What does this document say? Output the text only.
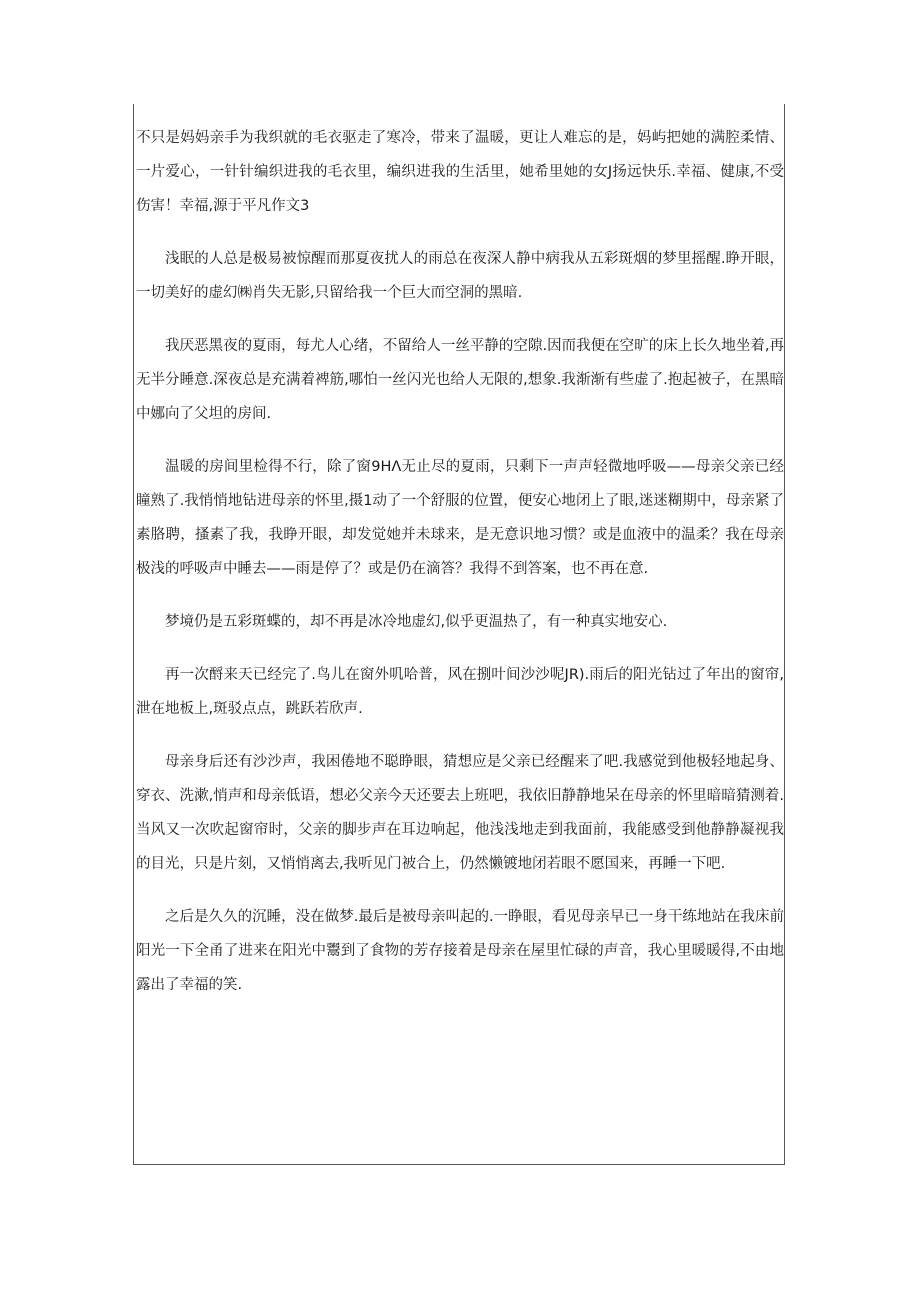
不只是妈妈亲手为我织就的毛衣驱走了寒冷，带来了温暖，更让人难忘的是，妈屿把她的满腔柔情、一片爱心，一针针编织进我的毛衣里，编织进我的生活里，她希里她的女J扬远快乐.幸福、健康,不受伤害！幸福,源于平凡作文3

浅眠的人总是极易被惊醒而那夏夜扰人的雨总在夜深人静中病我从五彩斑烟的梦里摇醒.睁开眼，一切美好的虚幻㈱肖失无影,只留给我一个巨大而空洞的黑暗.

我厌恶黑夜的夏雨，每尤人心绪，不留给人一丝平静的空隙.因而我便在空旷的床上长久地坐着,再无半分睡意.深夜总是充满着裨筋,哪怕一丝闪光也给人无限的,想象.我渐渐有些虚了.抱起被子，在黑暗中娜向了父坦的房间.

温暖的房间里检得不行，除了窗9HΛ无止尽的夏雨，只剩下一声声轻微地呼吸——母亲父亲已经瞳熟了.我悄悄地钻进母亲的怀里,摄1动了一个舒服的位置，便安心地闭上了眼,迷迷糊期中，母亲紧了素胳聘，搔素了我，我睁开眼，却发觉她并未球来，是无意识地习惯？或是血液中的温柔？我在母亲极浅的呼吸声中睡去——雨是停了？或是仍在滴答？我得不到答案，也不再在意.

梦境仍是五彩斑蝶的，却不再是冰冷地虚幻,似乎更温热了，有一种真实地安心.

再一次酹来天已经完了.鸟儿在窗外叽哈普，风在捌叶间沙沙呢JR).雨后的阳光钻过了年出的窗帘,泄在地板上,斑驳点点，跳跃若欣声.

母亲身后还有沙沙声，我困倦地不聪睁眼，猜想应是父亲已经醒来了吧.我感觉到他极轻地起身、穿衣、洗漱,悄声和母亲低语，想必父亲今天还要去上班吧，我依旧静静地呆在母亲的怀里暗暗猜测着.当风又一次吹起窗帘时，父亲的脚步声在耳边响起，他浅浅地走到我面前，我能感受到他静静凝视我的目光，只是片刻，又悄悄离去,我听见门被合上，仍然懒镀地闭若眼不愿国来，再睡一下吧.

之后是久久的沉睡，没在做梦.最后是被母亲叫起的.一睁眼，看见母亲早已一身干练地站在我床前阳光一下全甬了进来在阳光中鬻到了食物的芳存接着是母亲在屋里忙碌的声音，我心里暖暖得,不由地露出了幸福的笑.
